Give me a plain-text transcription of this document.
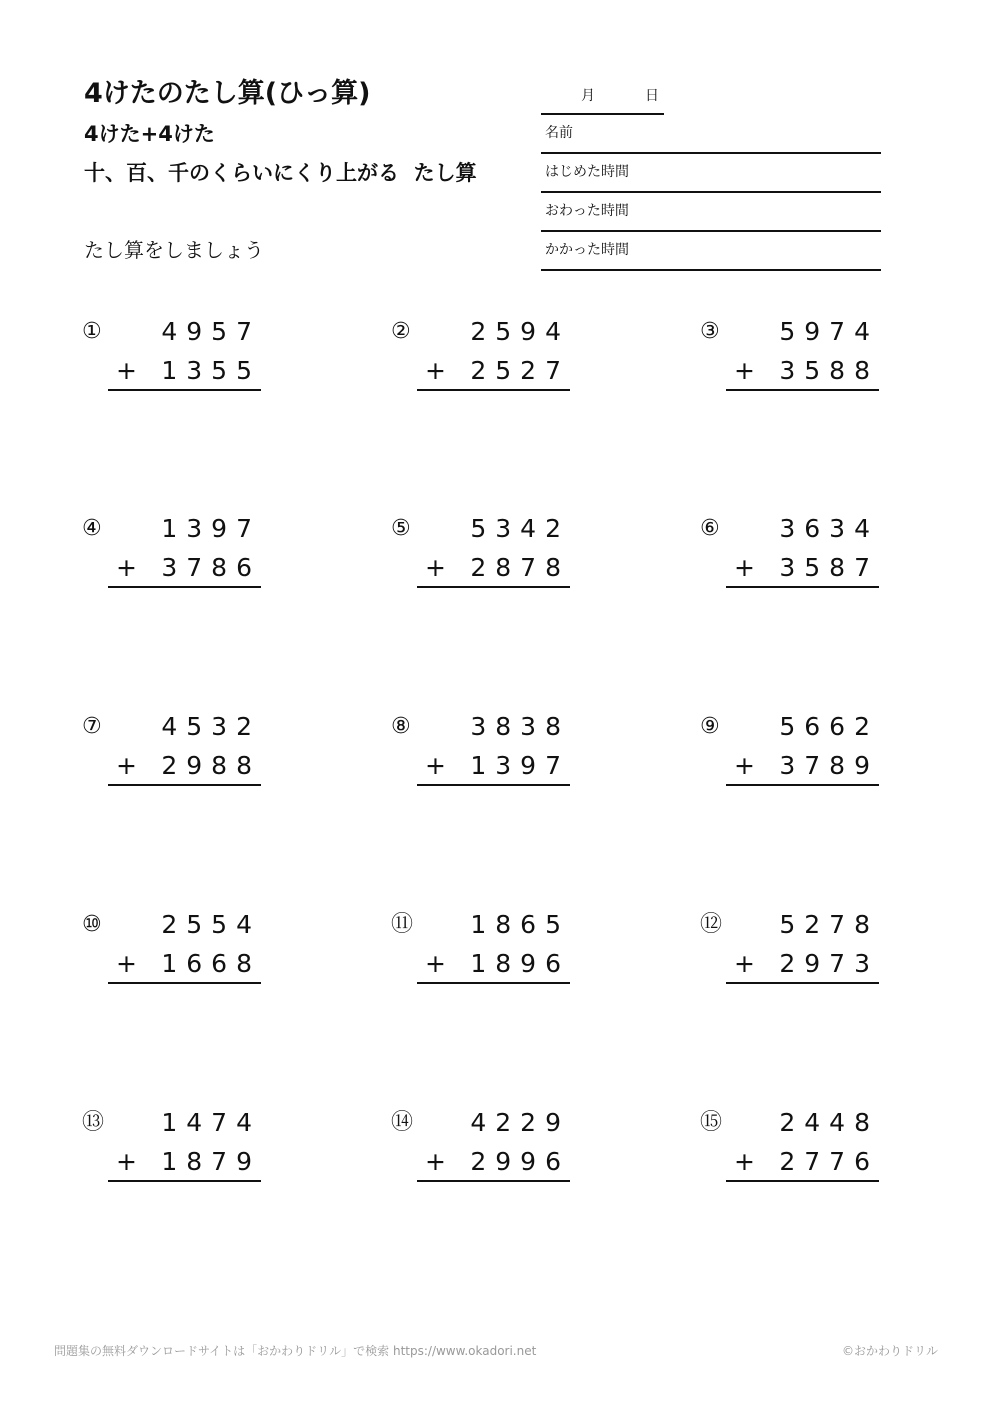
4けたのたし算(ひっ算)
4けた+4けた
十、百、千のくらいにくり上がる  たし算
たし算をしましょう
月	日
名前
はじめた時間
おわった時間
かかった時間
①	4957
+ 1355
②	2594
+ 2527
③	5974
+ 3588
④	1397
+ 3786
⑤	5342
+ 2878
⑥	3634
+ 3587
⑦	4532
+ 2988
⑧	3838
+ 1397
⑨	5662
+ 3789
⑩	2554
+ 1668
⑪	1865
+ 1896
⑫	5278
+ 2973
⑬	1474
+ 1879
⑭	4229
+ 2996
⑮	2448
+ 2776
問題集の無料ダウンロードサイトは「おかわりドリル」で検索 https://www.okadori.net	©おかわりドリル
